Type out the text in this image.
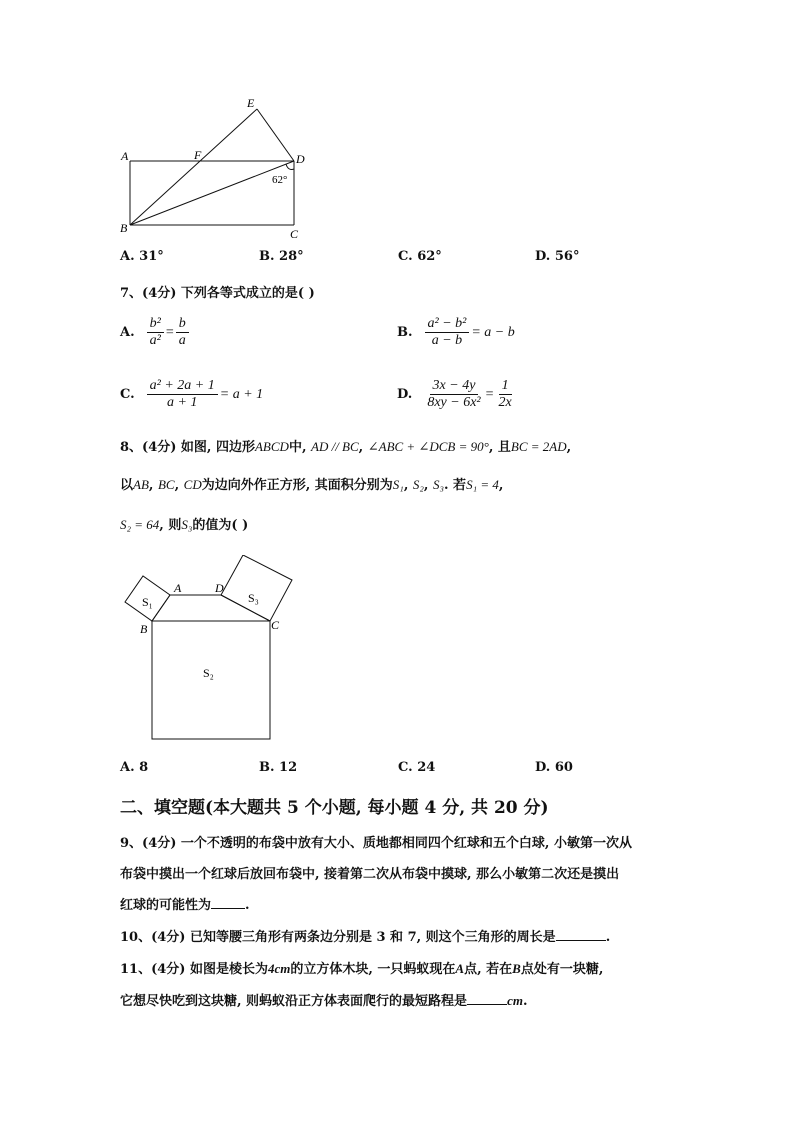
E
A	F	D
62°
B	C
A. 31°	B. 28°	C. 62°	D. 56°
7、(4分) 下列各等式成立的是( )
A. $\frac{\text{b²}}{\text{a²}} = \frac{b}{a}$	B. $\frac{\text{a² − b²}}{a - b} = a - b$
C. $\frac{\text{a² + 2a + 1}}{a + 1} = a + 1$	D. $\frac{3x - 4y}{\text{8xy − 6x²}} = \frac{1}{2x}$
8、(4分) 如图, 四边形ABCD中, AD // BC, ∠ABC + ∠DCB = 90°, 且BC = 2AD,
以AB, BC, CD为边向外作正方形, 其面积分别为S₁, S₂, S₃. 若S₁ = 4,
S₂ = 64, 则S₃的值为( )
A	D
B	C
S₁	S₃
S₂
A. 8	B. 12	C. 24	D. 60
二、填空题(本大题共 5 个小题, 每小题 4 分, 共 20 分)
9、(4分) 一个不透明的布袋中放有大小、质地都相同四个红球和五个白球, 小敏第一次从
布袋中摸出一个红球后放回布袋中, 接着第二次从布袋中摸球, 那么小敏第二次还是摸出
红球的可能性为	.
10、(4分) 已知等腰三角形有两条边分别是 3 和 7, 则这个三角形的周长是	.
11、(4分) 如图是棱长为4cm的立方体木块, 一只蚂蚁现在A点, 若在B点处有一块糖,
它想尽快吃到这块糖, 则蚂蚁沿正方体表面爬行的最短路程是	cm.
